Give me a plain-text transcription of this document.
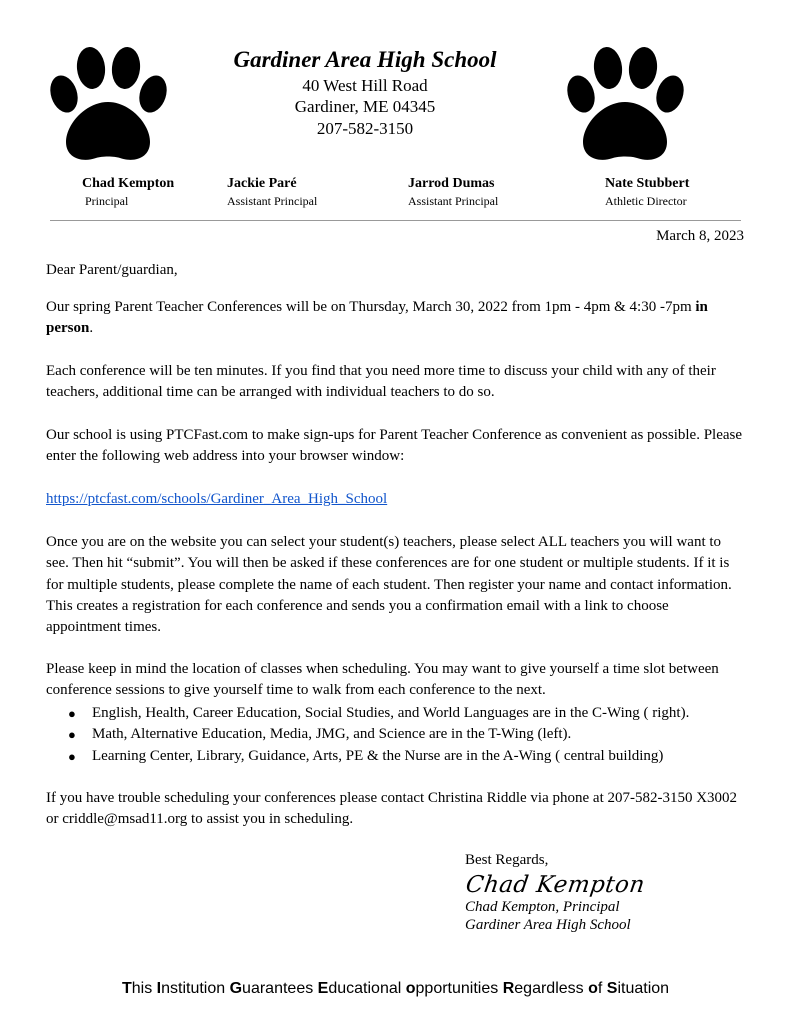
Gardiner Area High School
40 West Hill Road
Gardiner, ME 04345
207-582-3150
Chad Kempton
Principal
Jackie Paré
Assistant Principal
Jarrod Dumas
Assistant Principal
Nate Stubbert
Athletic Director
March 8, 2023
Dear Parent/guardian,
Our spring Parent Teacher Conferences will be on Thursday, March 30, 2022 from 1pm - 4pm & 4:30 -7pm in person.
Each conference will be ten minutes. If you find that you need more time to discuss your child with any of their teachers, additional time can be arranged with individual teachers to do so.
Our school is using PTCFast.com to make sign-ups for Parent Teacher Conference as convenient as possible. Please enter the following web address into your browser window:
https://ptcfast.com/schools/Gardiner_Area_High_School
Once you are on the website you can select your student(s) teachers, please select ALL teachers you will want to see. Then hit “submit”. You will then be asked if these conferences are for one student or multiple students. If it is for multiple students, please complete the name of each student. Then register your name and contact information. This creates a registration for each conference and sends you a confirmation email with a link to choose appointment times.
Please keep in mind the location of classes when scheduling. You may want to give yourself a time slot between conference sessions to give yourself time to walk from each conference to the next.
● English, Health, Career Education, Social Studies, and World Languages are in the C-Wing ( right).
● Math, Alternative Education, Media, JMG, and Science are in the T-Wing (left).
● Learning Center, Library, Guidance, Arts, PE & the Nurse are in the A-Wing ( central building)
If you have trouble scheduling your conferences please contact Christina Riddle via phone at 207-582-3150 X3002 or criddle@msad11.org to assist you in scheduling.
Best Regards,
Chad Kempton
Chad Kempton, Principal
Gardiner Area High School
This Institution Guarantees Educational opportunities Regardless of Situation
